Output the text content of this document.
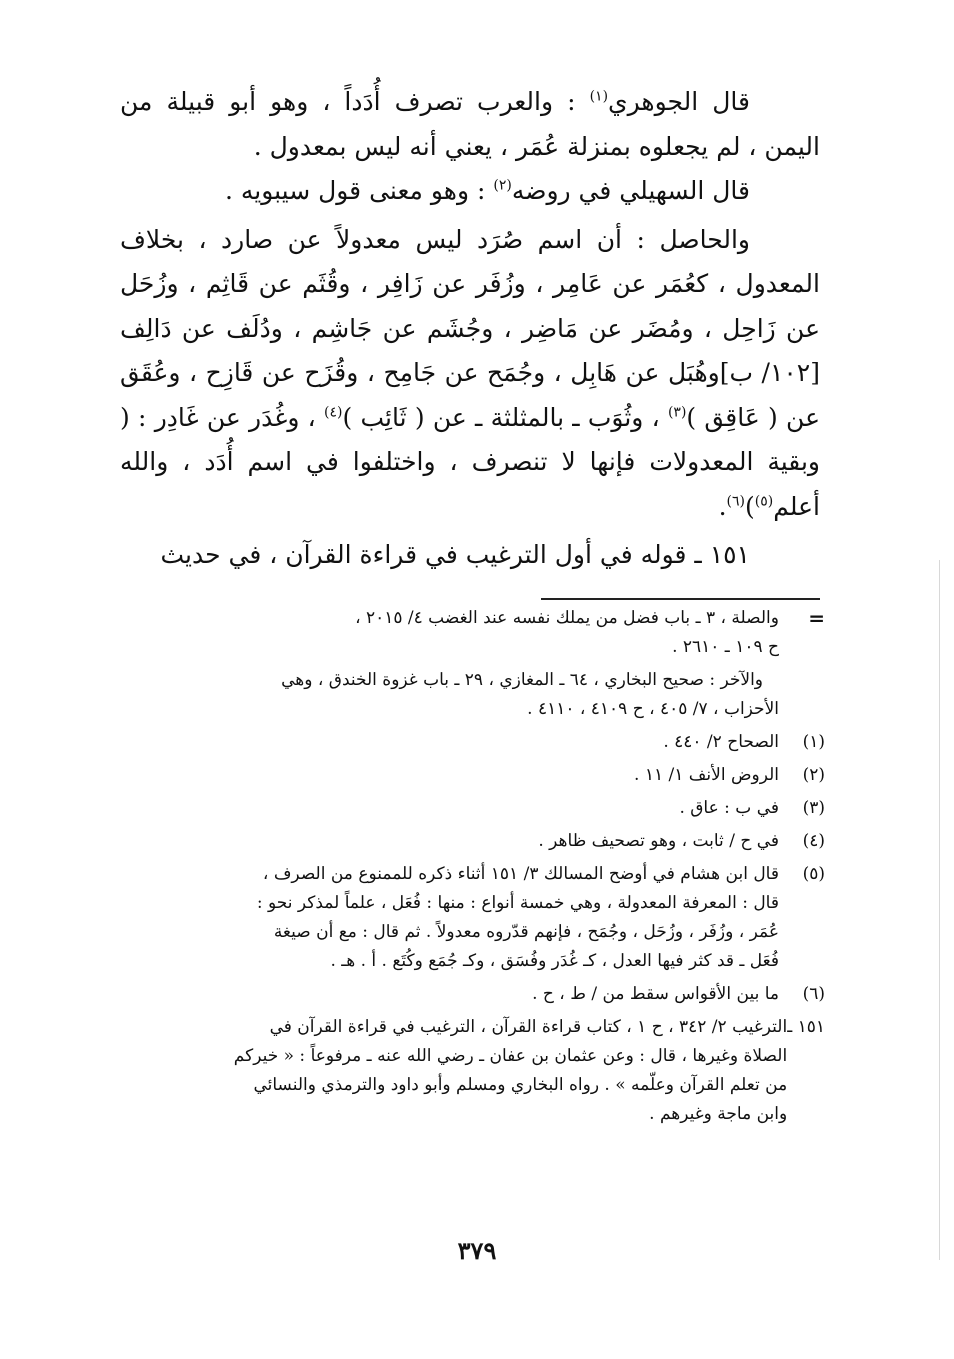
قال الجوهري$^{(١)}$ : والعرب تصرف أُدَداً ، وهو أبو قبيلة من اليمن ، لم يجعلوه بمنزلة عُمَر ، يعني أنه ليس بمعدول .

قال السهيلي في روضه$^{(٢)}$ : وهو معنى قول سيبويه .

والحاصل : أن اسم صُرَد ليس معدولاً عن صارد ، بخلاف المعدول ، كعُمَر عن عَامِر ، وزُفَر عن زَافِر ، وقُثَم عن قَاثِم ، وزُحَل عن زَاحِل ، ومُضَر عن مَاضِر ، وجُشَم عن جَاشِم ، ودُلَف عن دَالِف [١٠٢/ ب]وهُبَل عن هَابِل ، وجُمَح عن جَامِح ، وقُزَح عن قَازِح ، وعُقَق عن ( عَاقِق )$^{(٣)}$ ، وثُوَب ـ بالمثلثة ـ عن ( ثَائِب )$^{(٤)}$ ، وغُدَر عن غَادِر : ( وبقية المعدولات فإنها لا تنصرف ، واختلفوا في اسم أُدَد ، والله أعلم$^{(٥)}$)$^{(٦)}$.

١٥١ ـ قوله في أول الترغيب في قراءة القرآن ، في حديث

=
والصلة ، ٣ ـ باب فضل من يملك نفسه عند الغضب ٤/ ٢٠١٥ ،
ح ١٠٩ ـ ٢٦١٠ .
والآخر : صحيح البخاري ، ٦٤ ـ المغازي ، ٢٩ ـ باب غزوة الخندق ، وهي
الأحزاب ، ٧/ ٤٠٥ ، ح ٤١٠٩ ، ٤١١٠ .
(١)
الصحاح ٢/ ٤٤٠ .
(٢)
الروض الأنف ١/ ١١ .
(٣)
في ب : عاق .
(٤)
في ح / ثابت ، وهو تصحيف ظاهر .
(٥)
قال ابن هشام في أوضح المسالك ٣/ ١٥١ أثناء ذكره للممنوع من الصرف ،
قال : المعرفة المعدولة ، وهي خمسة أنواع : منها : فُعَل ، علماً لمذكر نحو :
عُمَر ، وزُفَر ، وزُحَل ، وجُمَح ، فإنهم قدّروه معدولاً . ثم قال : مع أن صيغة
فُعَل ـ قد كثر فيها العدل ، كـ غُدَر وفُسَق ، وكـ جُمَع وكُتَع . أ . هـ .
(٦)
ما بين الأقواس سقط من / ط ، ح .
١٥١ ـ
الترغيب ٢/ ٣٤٢ ، ح ١ ، كتاب قراءة القرآن ، الترغيب في قراءة القرآن في
الصلاة وغيرها ، قال : وعن عثمان بن عفان ـ رضي الله عنه ـ مرفوعاً : « خيركم
من تعلم القرآن وعلّمه » . رواه البخاري ومسلم وأبو داود والترمذي والنسائي
وابن ماجة وغيرهم .
٣٧٩
